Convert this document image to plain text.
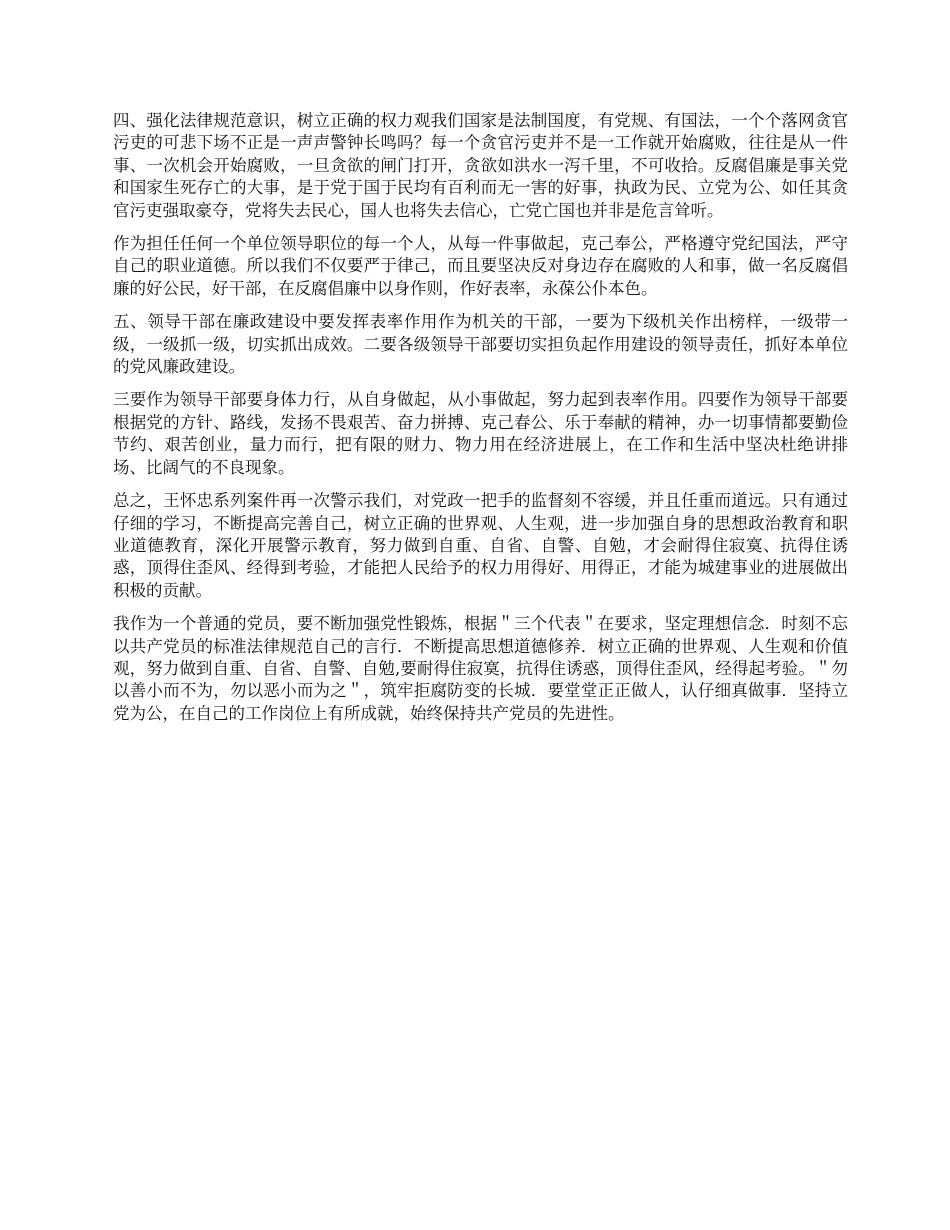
四、强化法律规范意识，树立正确的权力观我们国家是法制国度，有党规、有国法，一个个落网贪官污吏的可悲下场不正是一声声警钟长鸣吗？每一个贪官污吏并不是一工作就开始腐败，往往是从一件事、一次机会开始腐败，一旦贪欲的闸门打开，贪欲如洪水一泻千里，不可收拾。反腐倡廉是事关党和国家生死存亡的大事，是于党于国于民均有百利而无一害的好事，执政为民、立党为公、如任其贪官污吏强取豪夺，党将失去民心，国人也将失去信心，亡党亡国也并非是危言耸听。

作为担任任何一个单位领导职位的每一个人，从每一件事做起，克己奉公，严格遵守党纪国法，严守自己的职业道德。所以我们不仅要严于律己，而且要坚决反对身边存在腐败的人和事，做一名反腐倡廉的好公民，好干部，在反腐倡廉中以身作则，作好表率，永葆公仆本色。

五、领导干部在廉政建设中要发挥表率作用作为机关的干部，一要为下级机关作出榜样，一级带一级，一级抓一级，切实抓出成效。二要各级领导干部要切实担负起作用建设的领导责任，抓好本单位的党风廉政建设。

三要作为领导干部要身体力行，从自身做起，从小事做起，努力起到表率作用。四要作为领导干部要根据党的方针、路线，发扬不畏艰苦、奋力拼搏、克己春公、乐于奉献的精神，办一切事情都要勤俭节约、艰苦创业，量力而行，把有限的财力、物力用在经济进展上，在工作和生活中坚决杜绝讲排场、比阔气的不良现象。

总之，王怀忠系列案件再一次警示我们，对党政一把手的监督刻不容缓，并且任重而道远。只有通过仔细的学习，不断提高完善自己，树立正确的世界观、人生观，进一步加强自身的思想政治教育和职业道德教育，深化开展警示教育，努力做到自重、自省、自警、自勉，才会耐得住寂寞、抗得住诱惑，顶得住歪风、经得到考验，才能把人民给予的权力用得好、用得正，才能为城建事业的进展做出积极的贡献。

我作为一个普通的党员，要不断加强党性锻炼，根据＂三个代表＂在要求，坚定理想信念．时刻不忘以共产党员的标准法律规范自己的言行．不断提高思想道德修养．树立正确的世界观、人生观和价值观，努力做到自重、自省、自警、自勉,要耐得住寂寞，抗得住诱惑，顶得住歪风，经得起考验。＂勿以善小而不为，勿以恶小而为之＂，筑牢拒腐防变的长城．要堂堂正正做人，认仔细真做事．坚持立党为公，在自己的工作岗位上有所成就，始终保持共产党员的先进性。
